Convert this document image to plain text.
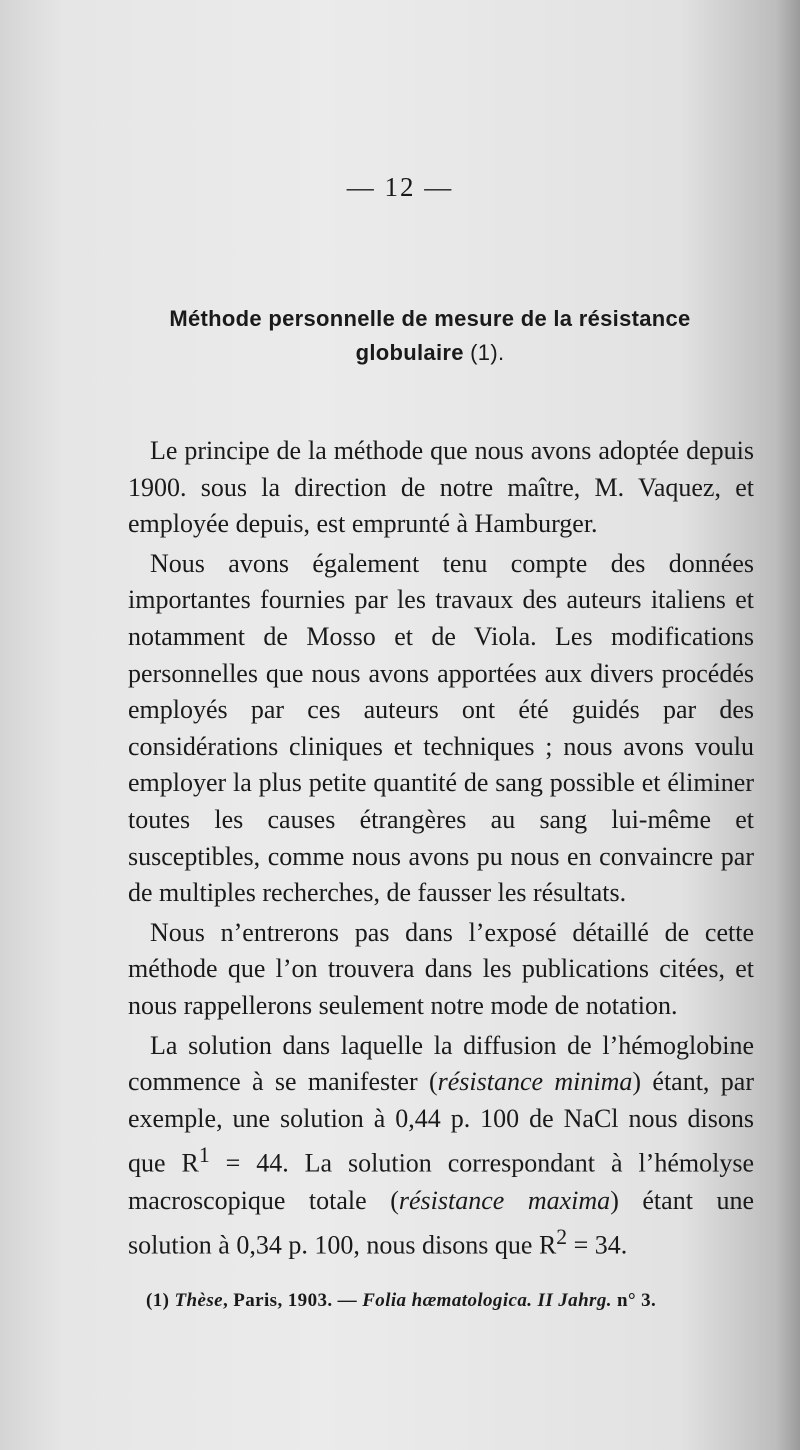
— 12 —
Méthode personnelle de mesure de la résistance
globulaire (1).

Le principe de la méthode que nous avons adoptée depuis 1900. sous la direction de notre maître, M. Vaquez, et employée depuis, est emprunté à Hamburger.

Nous avons également tenu compte des données importantes fournies par les travaux des auteurs italiens et notamment de Mosso et de Viola. Les modifications personnelles que nous avons apportées aux divers procédés employés par ces auteurs ont été guidés par des considérations cliniques et techniques ; nous avons voulu employer la plus petite quantité de sang possible et éliminer toutes les causes étrangères au sang lui-même et susceptibles, comme nous avons pu nous en convaincre par de multiples recherches, de fausser les résultats.

Nous n’entrerons pas dans l’exposé détaillé de cette méthode que l’on trouvera dans les publications citées, et nous rappellerons seulement notre mode de notation.

La solution dans laquelle la diffusion de l’hémoglobine commence à se manifester (résistance minima) étant, par exemple, une solution à 0,44 p. 100 de NaCl nous disons que $R^1 = 44$. La solution correspondant à l’hémolyse macroscopique totale (résistance maxima) étant une solution à 0,34 p. 100, nous disons que $R^2 = 34$.

(1) Thèse, Paris, 1903. — Folia hæmatologica. II Jahrg. n° 3.
